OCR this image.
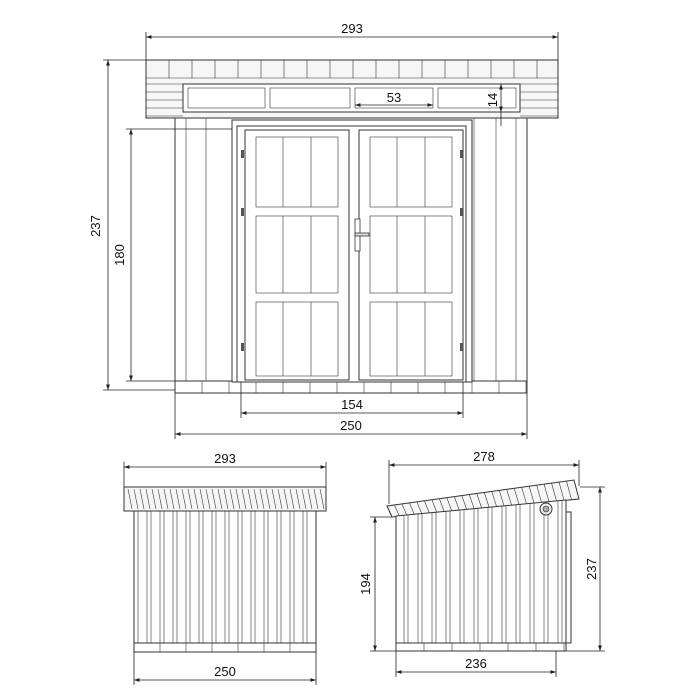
293
237
180
53	14
154
250
293
250
278
194
237
236
